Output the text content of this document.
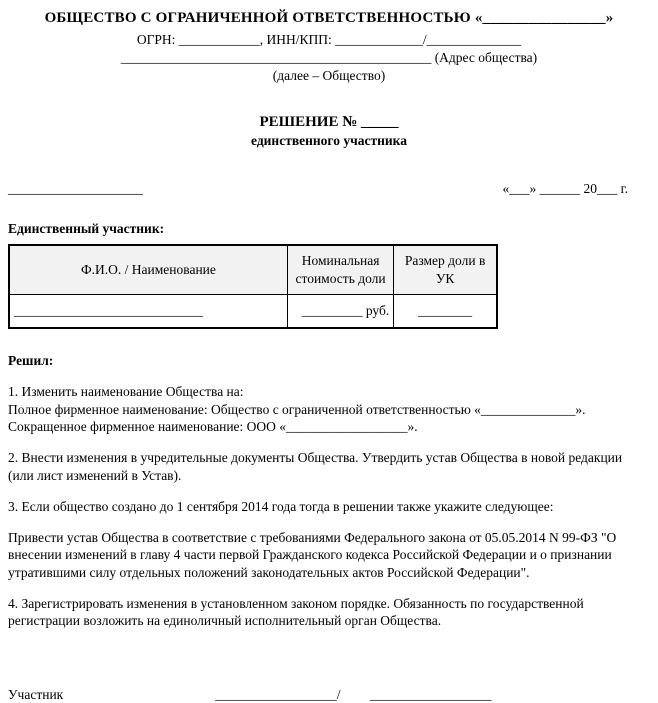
ОБЩЕСТВО С ОГРАНИЧЕННОЙ ОТВЕТСТВЕННОСТЬЮ «________________»
ОГРН: ____________, ИНН/КПП: _____________/______________
______________________________________________ (Адрес общества)
(далее – Общество)
РЕШЕНИЕ № _____
единственного участника
____________________	«___» ______ 20___ г.
Единственный участник:
Ф.И.О. / Наименование	Номинальная стоимость доли	Размер доли в УК
____________________________	_________ руб.	________
Решил:
1. Изменить наименование Общества на:
Полное фирменное наименование: Общество с ограниченной ответственностью «______________».
Сокращенное фирменное наименование: ООО «__________________».
2. Внести изменения в учредительные документы Общества. Утвердить устав Общества в новой редакции (или лист изменений в Устав).
3. Если общество создано до 1 сентября 2014 года тогда в решении также укажите следующее:
Привести устав Общества в соответствие с требованиями Федерального закона от 05.05.2014 N 99-ФЗ "О внесении изменений в главу 4 части первой Гражданского кодекса Российской Федерации и о признании утратившими силу отдельных положений законодательных актов Российской Федерации".
4. Зарегистрировать изменения в установленном законом порядке. Обязанность по государственной регистрации возложить на единоличный исполнительный орган Общества.
Участник	__________________/ __________________
